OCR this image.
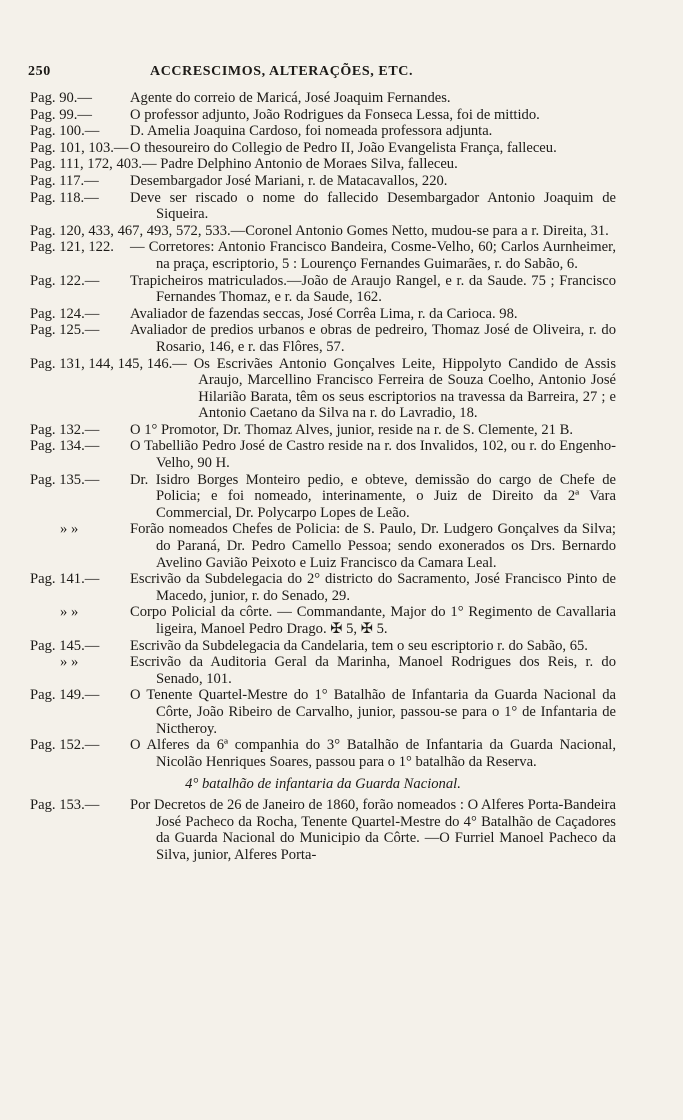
250	ACCRESCIMOS, ALTERAÇÕES, ETC.
Pag. 90.—	Agente do correio de Maricá, José Joaquim Fernandes.
Pag. 99.—	O professor adjunto, João Rodrigues da Fonseca Lessa, foi de mittido.
Pag. 100.—	D. Amelia Joaquina Cardoso, foi nomeada professora adjunta.
Pag. 101, 103.— O thesoureiro do Collegio de Pedro II, João Evangelista França, falleceu.
Pag. 111, 172, 403. — Padre Delphino Antonio de Moraes Silva, falleceu.
Pag. 117.—	Desembargador José Mariani, r. de Matacavallos, 220.
Pag. 118.—	Deve ser riscado o nome do fallecido Desembargador Antonio Joaquim de Siqueira.
Pag. 120, 433, 467, 493, 572, 533. —Coronel Antonio Gomes Netto, mudou-se para a r. Direita, 31.
Pag. 121, 122.	— Corretores: Antonio Francisco Bandeira, Cosme-Velho, 60; Carlos Aurnheimer, na praça, escriptorio, 5 : Lourenço Fernandes Guimarães, r. do Sabão, 6.
Pag. 122.—	Trapicheiros matriculados.—João de Araujo Rangel, e r. da Saude. 75 ; Francisco Fernandes Thomaz, e r. da Saude, 162.
Pag. 124.—	Avaliador de fazendas seccas, José Corrêa Lima, r. da Carioca. 98.
Pag. 125.—	Avaliador de predios urbanos e obras de pedreiro, Thomaz José de Oliveira, r. do Rosario, 146, e r. das Flôres, 57.
Pag. 131, 144, 145, 146. — Os Escrivães Antonio Gonçalves Leite, Hippolyto Candido de Assis Araujo, Marcellino Francisco Ferreira de Souza Coelho, Antonio José Hilarião Barata, têm os seus escriptorios na travessa da Barreira, 27 ; e Antonio Caetano da Silva na r. do Lavradio, 18.
Pag. 132.—	O 1° Promotor, Dr. Thomaz Alves, junior, reside na r. de S. Clemente, 21 B.
Pag. 134.—	O Tabellião Pedro José de Castro reside na r. dos Invalidos, 102, ou r. do Engenho-Velho, 90 H.
Pag. 135.—	Dr. Isidro Borges Monteiro pedio, e obteve, demissão do cargo de Chefe de Policia; e foi nomeado, interinamente, o Juiz de Direito da 2ª Vara Commercial, Dr. Polycarpo Lopes de Leão.
» »	Forão nomeados Chefes de Policia: de S. Paulo, Dr. Ludgero Gonçalves da Silva; do Paraná, Dr. Pedro Camello Pessoa; sendo exonerados os Drs. Bernardo Avelino Gavião Peixoto e Luiz Francisco da Camara Leal.
Pag. 141.—	Escrivão da Subdelegacia do 2° districto do Sacramento, José Francisco Pinto de Macedo, junior, r. do Senado, 29.
» »	Corpo Policial da côrte. — Commandante, Major do 1° Regimento de Cavallaria ligeira, Manoel Pedro Drago. ✠ 5, ✠ 5.
Pag. 145.—	Escrivão da Subdelegacia da Candelaria, tem o seu escriptorio r. do Sabão, 65.
» »	Escrivão da Auditoria Geral da Marinha, Manoel Rodrigues dos Reis, r. do Senado, 101.
Pag. 149.—	O Tenente Quartel-Mestre do 1° Batalhão de Infantaria da Guarda Nacional da Côrte, João Ribeiro de Carvalho, junior, passou-se para o 1° de Infantaria de Nictheroy.
Pag. 152.—	O Alferes da 6ª companhia do 3° Batalhão de Infantaria da Guarda Nacional, Nicolão Henriques Soares, passou para o 1° batalhão da Reserva.
4° batalhão de infantaria da Guarda Nacional.
Pag. 153.—	Por Decretos de 26 de Janeiro de 1860, forão nomeados : O Alferes Porta-Bandeira José Pacheco da Rocha, Tenente Quartel-Mestre do 4° Batalhão de Caçadores da Guarda Nacional do Municipio da Côrte. —O Furriel Manoel Pacheco da Silva, junior, Alferes Porta-
